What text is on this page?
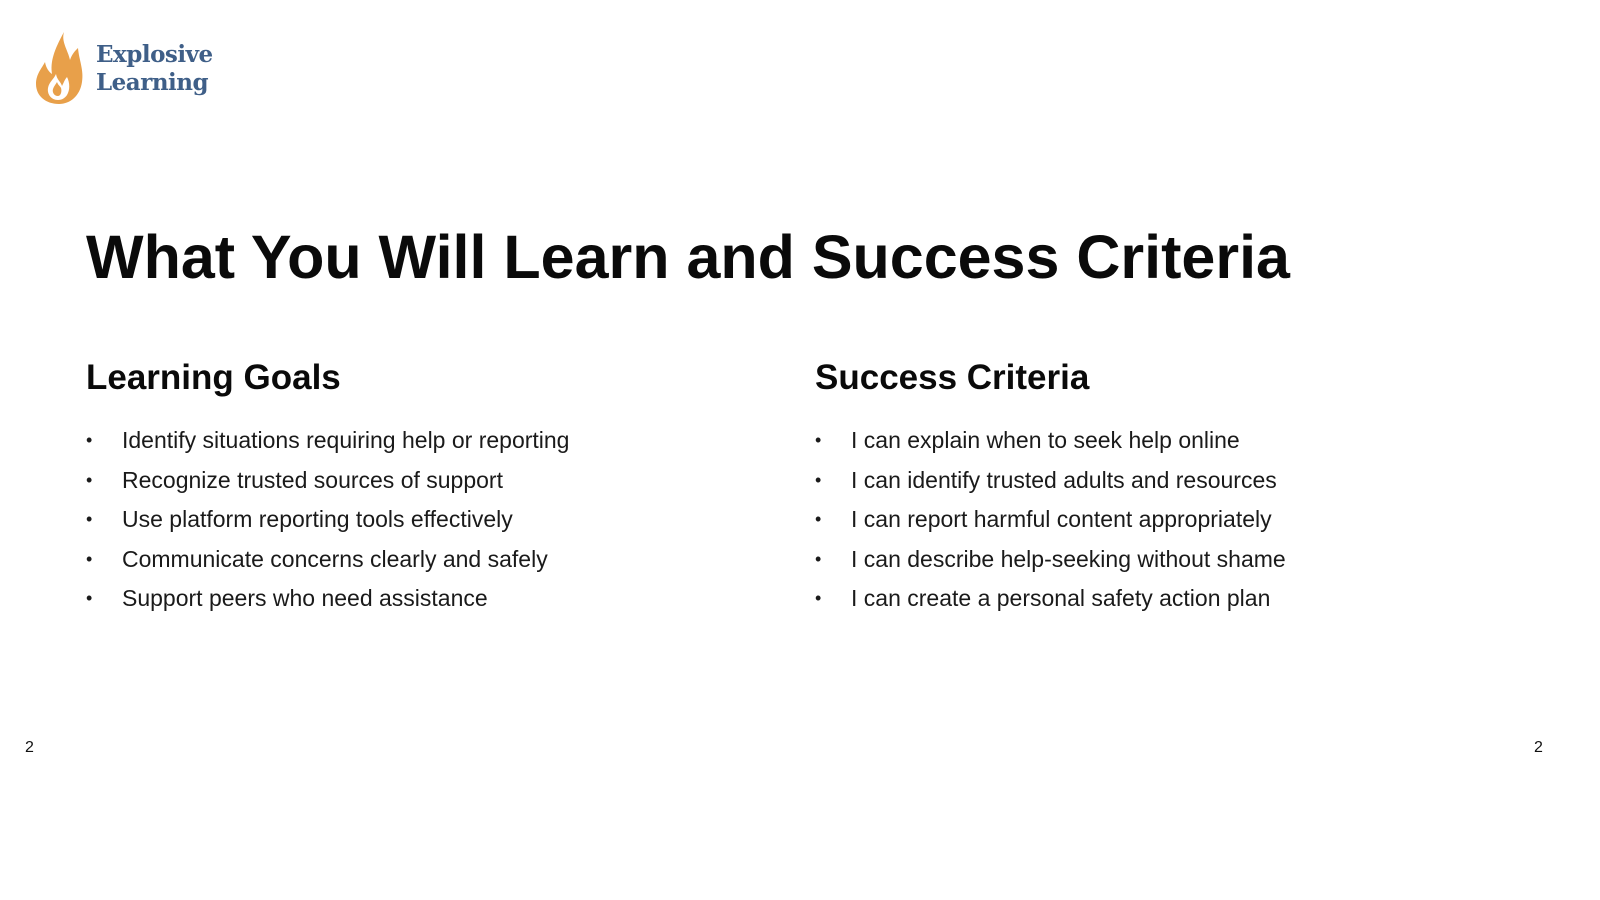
Explosive
Learning
What You Will Learn and Success Criteria
Learning Goals
• Identify situations requiring help or reporting
• Recognize trusted sources of support
• Use platform reporting tools effectively
• Communicate concerns clearly and safely
• Support peers who need assistance
Success Criteria
• I can explain when to seek help online
• I can identify trusted adults and resources
• I can report harmful content appropriately
• I can describe help-seeking without shame
• I can create a personal safety action plan
2	2
